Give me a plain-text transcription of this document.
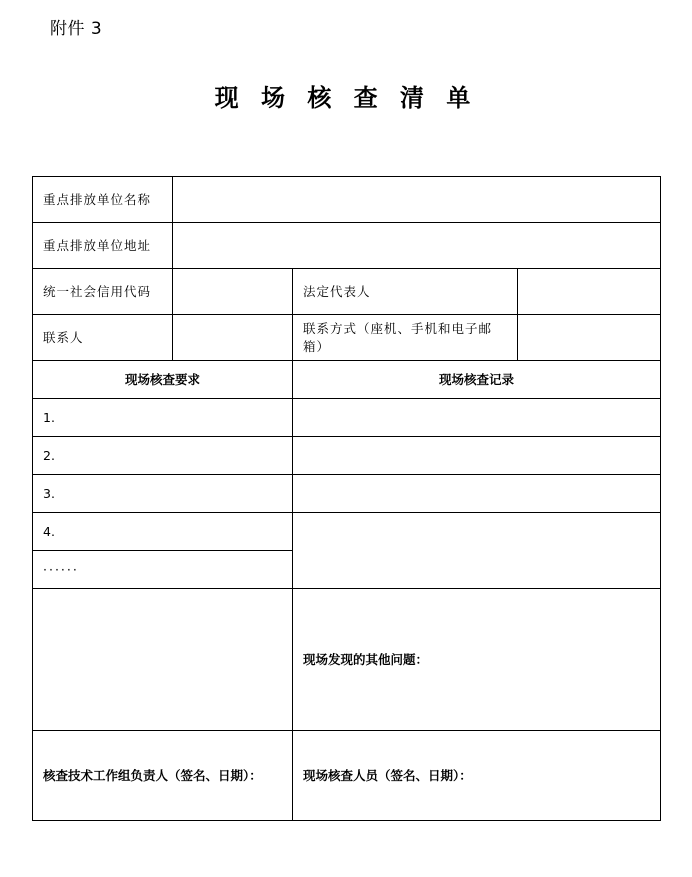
附件 3
现 场 核 查 清 单
重点排放单位名称			
重点排放单位地址			
统一社会信用代码		法定代表人	
联系人		联系方式（座机、手机和电子邮箱）	
现场核查要求		现场核查记录	
1.			
2.			
3.			
4.			
······			
		现场发现的其他问题：	
核查技术工作组负责人（签名、日期）：		现场核查人员（签名、日期）：	
